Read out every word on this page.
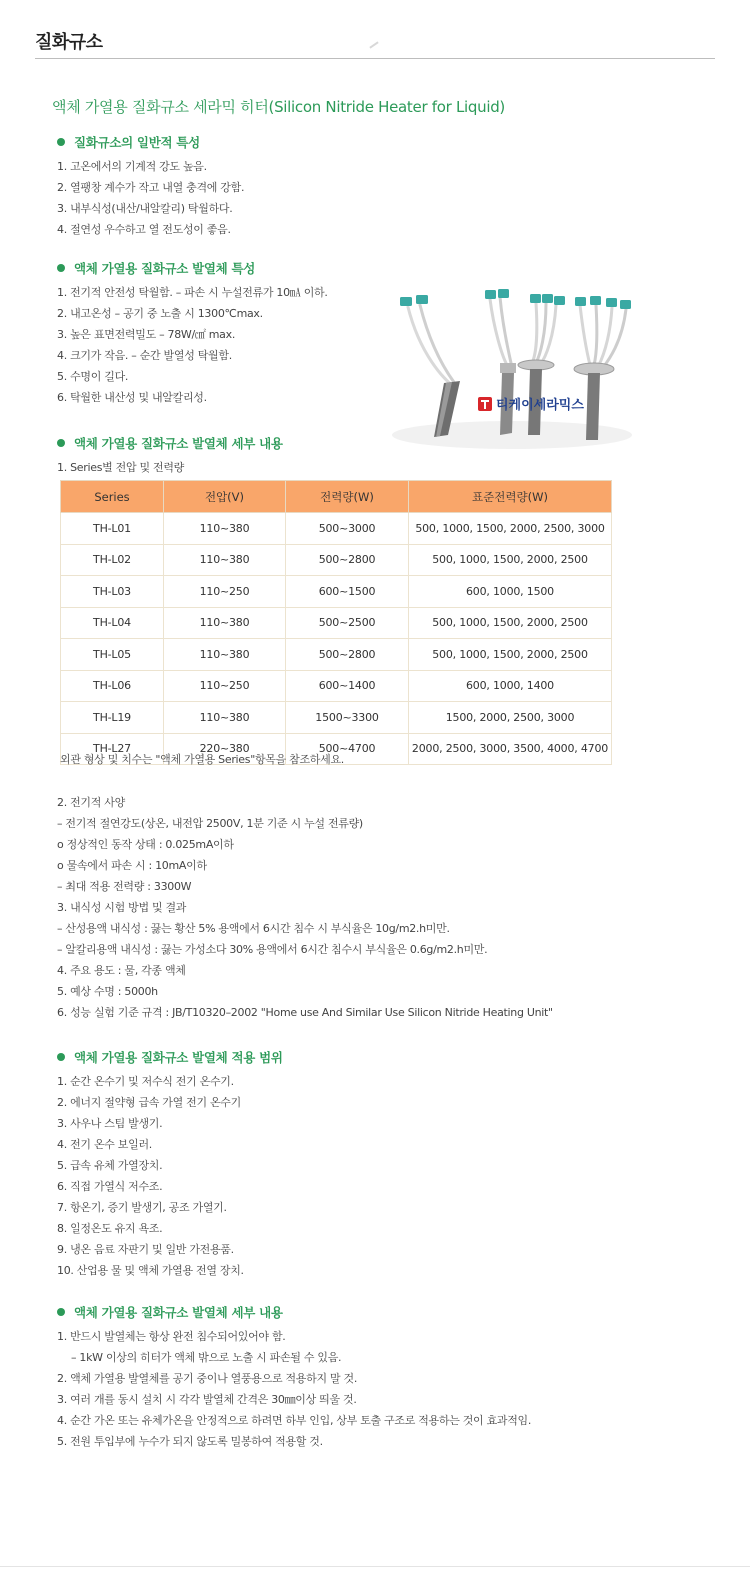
질화규소
액체 가열용 질화규소 세라믹 히터(Silicon Nitride Heater for Liquid)
질화규소의 일반적 특성
1. 고온에서의 기계적 강도 높음.
2. 열팽창 계수가 작고 내열 충격에 강함.
3. 내부식성(내산/내알칼리) 탁월하다.
4. 절연성 우수하고 열 전도성이 좋음.
액체 가열용 질화규소 발열체 특성
1. 전기적 안전성 탁월함. – 파손 시 누설전류가 10㎃ 이하.
2. 내고온성 – 공기 중 노출 시 1300℃max.
3. 높은 표면전력밀도 – 78W/㎠ max.
4. 크기가 작음. – 순간 발열성 탁월함.
5. 수명이 길다.
6. 탁월한 내산성 및 내알칼리성.
티케이세라믹스
액체 가열용 질화규소 발열체 세부 내용
1. Series별 전압 및 전력량
Series	전압(V)	전력량(W)	표준전력량(W)
TH-L01	110~380	500~3000	500, 1000, 1500, 2000, 2500, 3000
TH-L02	110~380	500~2800	500, 1000, 1500, 2000, 2500
TH-L03	110~250	600~1500	600, 1000, 1500
TH-L04	110~380	500~2500	500, 1000, 1500, 2000, 2500
TH-L05	110~380	500~2800	500, 1000, 1500, 2000, 2500
TH-L06	110~250	600~1400	600, 1000, 1400
TH-L19	110~380	1500~3300	1500, 2000, 2500, 3000
TH-L27	220~380	500~4700	2000, 2500, 3000, 3500, 4000, 4700
외관 형상 및 치수는 "액체 가열용 Series"항목을 참조하세요.
2. 전기적 사양
– 전기적 절연강도(상온, 내전압 2500V, 1분 기준 시 누설 전류량)
o 정상적인 동작 상태 : 0.025mA이하
o 물속에서 파손 시 : 10mA이하
– 최대 적용 전력량 : 3300W
3. 내식성 시험 방법 및 결과
– 산성용액 내식성 : 끓는 황산 5% 용액에서 6시간 침수 시 부식율은 10g/m2.h미만.
– 알칼리용액 내식성 : 끓는 가성소다 30% 용액에서 6시간 침수시 부식율은 0.6g/m2.h미만.
4. 주요 용도 : 물, 각종 액체
5. 예상 수명 : 5000h
6. 성능 실험 기준 규격 : JB/T10320–2002 "Home use And Similar Use Silicon Nitride Heating Unit"
액체 가열용 질화규소 발열체 적용 범위
1. 순간 온수기 및 저수식 전기 온수기.
2. 에너지 절약형 급속 가열 전기 온수기
3. 사우나 스팀 발생기.
4. 전기 온수 보일러.
5. 급속 유체 가열장치.
6. 직접 가열식 저수조.
7. 항온기, 증기 발생기, 공조 가열기.
8. 일정온도 유지 욕조.
9. 냉온 음료 자판기 및 일반 가전용품.
10. 산업용 물 및 액체 가열용 전열 장치.
액체 가열용 질화규소 발열체 세부 내용
1. 반드시 발열체는 항상 완전 침수되어있어야 함.
– 1kW 이상의 히터가 액체 밖으로 노출 시 파손될 수 있음.
2. 액체 가열용 발열체를 공기 중이나 열풍용으로 적용하지 말 것.
3. 여러 개를 동시 설치 시 각각 발열체 간격은 30㎜이상 띄울 것.
4. 순간 가온 또는 유체가온을 안정적으로 하려면 하부 인입, 상부 토출 구조로 적용하는 것이 효과적임.
5. 전원 투입부에 누수가 되지 않도록 밀봉하여 적용할 것.
